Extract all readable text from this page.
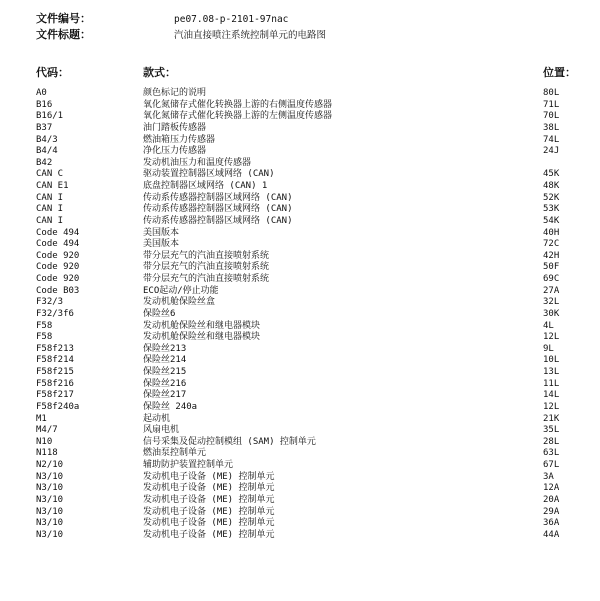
文件编号：	pe07.08-p-2101-97nac
文件标题：	汽油直接喷注系统控制单元的电路图
代码：	款式：	位置：
A0	颜色标记的说明	80L
B16	氧化氮储存式催化转换器上游的右侧温度传感器	71L
B16/1	氧化氮储存式催化转换器上游的左侧温度传感器	70L
B37	油门踏板传感器	38L
B4/3	燃油箱压力传感器	74L
B4/4	净化压力传感器	24J
B42	发动机油压力和温度传感器
CAN C	驱动装置控制器区域网络 (CAN)	45K
CAN E1	底盘控制器区域网络 (CAN) 1	48K
CAN I	传动系传感器控制器区域网络 (CAN)	52K
CAN I	传动系传感器控制器区域网络 (CAN)	53K
CAN I	传动系传感器控制器区域网络 (CAN)	54K
Code 494	美国版本	40H
Code 494	美国版本	72C
Code 920	带分层充气的汽油直接喷射系统	42H
Code 920	带分层充气的汽油直接喷射系统	50F
Code 920	带分层充气的汽油直接喷射系统	69C
Code B03	ECO起动/停止功能	27A
F32/3	发动机舱保险丝盒	32L
F32/3f6	保险丝6	30K
F58	发动机舱保险丝和继电器模块	4L
F58	发动机舱保险丝和继电器模块	12L
F58f213	保险丝213	9L
F58f214	保险丝214	10L
F58f215	保险丝215	13L
F58f216	保险丝216	11L
F58f217	保险丝217	14L
F58f240a	保险丝 240a	12L
M1	起动机	21K
M4/7	风扇电机	35L
N10	信号采集及促动控制模组 (SAM) 控制单元	28L
N118	燃油泵控制单元	63L
N2/10	辅助防护装置控制单元	67L
N3/10	发动机电子设备 (ME) 控制单元	3A
N3/10	发动机电子设备 (ME) 控制单元	12A
N3/10	发动机电子设备 (ME) 控制单元	20A
N3/10	发动机电子设备 (ME) 控制单元	29A
N3/10	发动机电子设备 (ME) 控制单元	36A
N3/10	发动机电子设备 (ME) 控制单元	44A
